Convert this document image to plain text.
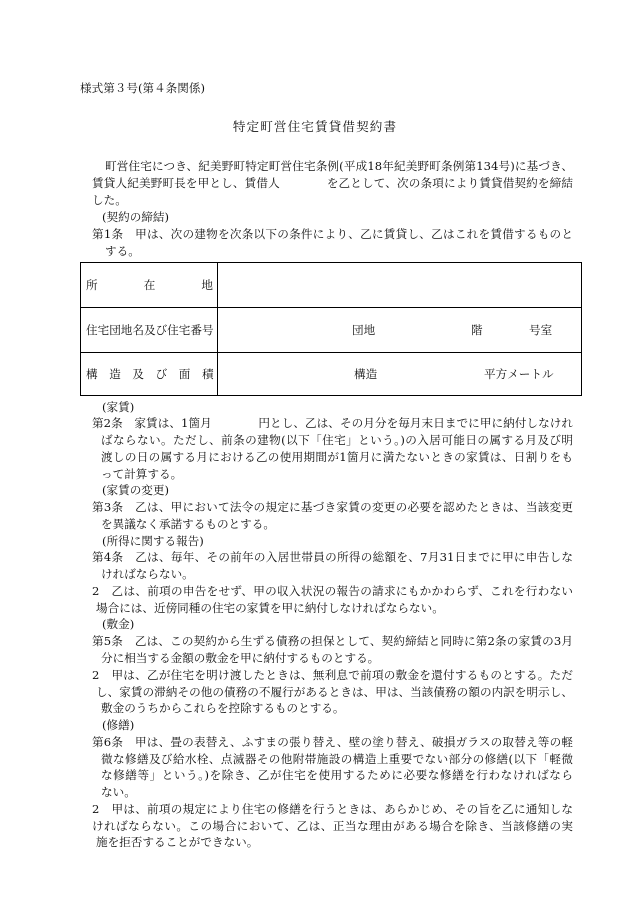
様式第３号(第４条関係)
特定町営住宅賃貸借契約書
町営住宅につき、紀美野町特定町営住宅条例(平成18年紀美野町条例第134号)に基づき、
賃貸人紀美野町長を甲とし、賃借人　　　　を乙として、次の条項により賃貸借契約を締結
した。
(契約の締結)
第1条　甲は、次の建物を次条以下の条件により、乙に賃貸し、乙はこれを賃借するものと
する。
所　　在　　地
住宅団地名及び住宅番号	団地	階	号室
構　造　及　び　面　積	構造	平方メートル
(家賃)
第2条　家賃は、1箇月　　　　円とし、乙は、その月分を毎月末日までに甲に納付しなけれ
ばならない。ただし、前条の建物(以下「住宅」という。)の入居可能日の属する月及び明
渡しの日の属する月における乙の使用期間が1箇月に満たないときの家賃は、日割りをも
って計算する。
(家賃の変更)
第3条　乙は、甲において法令の規定に基づき家賃の変更の必要を認めたときは、当該変更
を異議なく承諾するものとする。
(所得に関する報告)
第4条　乙は、毎年、その前年の入居世帯員の所得の総額を、7月31日までに甲に申告しな
ければならない。
2　乙は、前項の申告をせず、甲の収入状況の報告の請求にもかかわらず、これを行わない
場合には、近傍同種の住宅の家賃を甲に納付しなければならない。
(敷金)
第5条　乙は、この契約から生ずる債務の担保として、契約締結と同時に第2条の家賃の3月
分に相当する金額の敷金を甲に納付するものとする。
2　甲は、乙が住宅を明け渡したときは、無利息で前項の敷金を還付するものとする。ただ
し、家賃の滞納その他の債務の不履行があるときは、甲は、当該債務の額の内訳を明示し、
敷金のうちからこれらを控除するものとする。
(修繕)
第6条　甲は、畳の表替え、ふすまの張り替え、壁の塗り替え、破損ガラスの取替え等の軽
微な修繕及び給水栓、点滅器その他附帯施設の構造上重要でない部分の修繕(以下「軽微
な修繕等」という。)を除き、乙が住宅を使用するために必要な修繕を行わなければなら
ない。
2　甲は、前項の規定により住宅の修繕を行うときは、あらかじめ、その旨を乙に通知しな
ければならない。この場合において、乙は、正当な理由がある場合を除き、当該修繕の実
施を拒否することができない。
